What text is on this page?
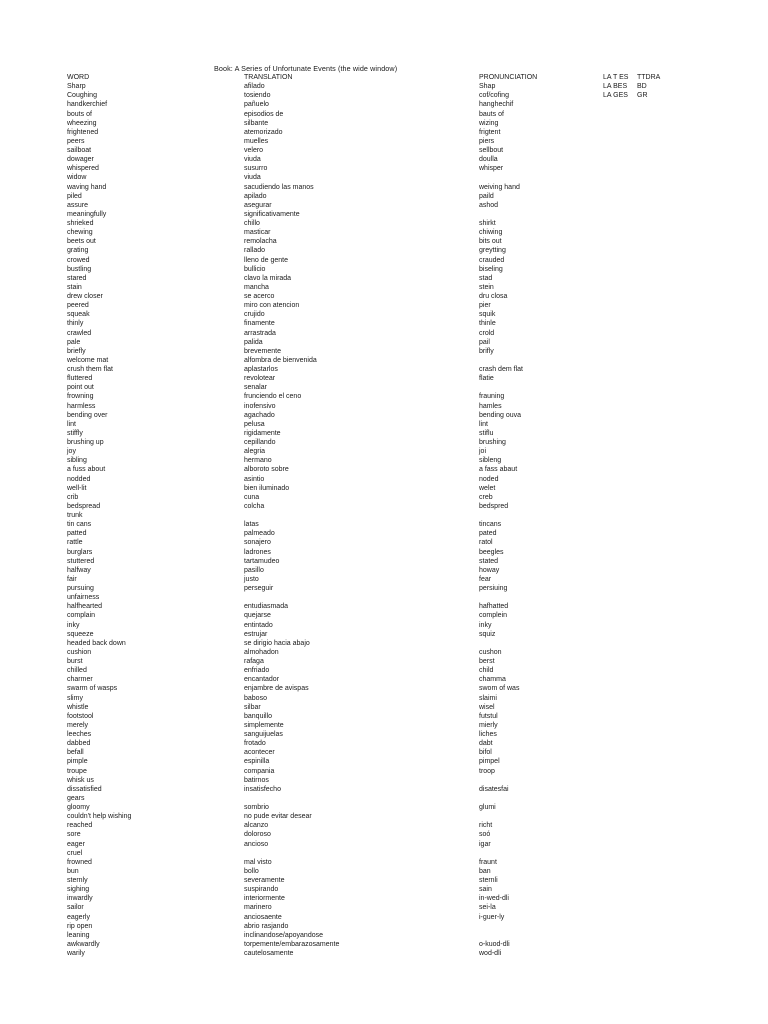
Book: A Series of Unfortunate Events (the wide window)
WORD	TRANSLATION	PRONUNCIATION	LA T ES TTDRA
Sharp	afilado	Shap	LA BES BD
Coughing	tosiendo	cof/cofing	LA GES GR
handkerchief	pañuelo	hanghechif
bouts of	episodios de	bauts of
wheezing	silbante	wizing
frightened	atemorizado	frigtent
peers	muelles	piers
sailboat	velero	sellbout
dowager	viuda	doulla
whispered	susurro	whisper
widow	viuda
waving hand	sacudiendo las manos	weiving hand
piled	apilado	paild
assure	asegurar	ashod
meaningfully	significativamente
shrieked	chillo	shirkt
chewing	masticar	chiwing
beets out	remolacha	bits out
grating	rallado	greytting
crowed	lleno de gente	crauded
bustling	bullicio	biseling
stared	clavo la mirada	stad
stain	mancha	stein
drew closer	se acerco	dru closa
peered	miro con atencion	pier
squeak	crujido	squik
thinly	finamente	thinle
crawled	arrastrada	crold
pale	palida	pail
briefly	brevemente	brifly
welcome mat	alfombra de bienvenida
crush them flat	aplastarlos	crash dem flat
fluttered	revolotear	flatie
point out	senalar
frowning	frunciendo el ceno	frauning
harmless	inofensivo	hamles
bending over	agachado	bending ouva
lint	pelusa	lint
stiffly	rigidamente	stiflu
brushing up	cepillando	brushing
joy	alegria	joi
sibling	hermano	sibleng
a fuss about	alboroto sobre	a fass abaut
nodded	asintio	noded
well-lit	bien iluminado	welet
crib	cuna	creb
bedspread	colcha	bedspred
trunk
tin cans	latas	tincans
patted	palmeado	pated
rattle	sonajero	ratol
burglars	ladrones	beegles
stuttered	tartamudeo	stated
halfway	pasillo	howay
fair	justo	fear
pursuing	perseguir	persiuing
unfairness
halfhearted	entudiasmada	hafhatted
complain	quejarse	complein
inky	entintado	inky
squeeze	estrujar	squiz
headed back down	se dirigio hacia abajo
cushion	almohadon	cushon
burst	rafaga	berst
chilled	enfriado	child
charmer	encantador	chamma
swarm of wasps	enjambre de avispas	swom of was
slimy	baboso	slaimi
whistle	silbar	wisel
footstool	banquillo	futstul
merely	simplemente	mierly
leeches	sanguijuelas	liches
dabbed	frotado	dabt
befall	acontecer	bifol
pimple	espinilla	pimpel
troupe	compania	troop
whisk us	batirnos
dissatisfied	insatisfecho	disatesfai
gears
gloomy	sombrio	glumi
couldn't help wishing	no pude evitar desear
reached	alcanzo	richt
sore	doloroso	soó
eager	ancioso	igar
cruel
frowned	mal visto	fraunt
bun	bollo	ban
sternly	severamente	sternli
sighing	suspirando	sain
inwardly	interiormente	in-wed-dli
sailor	marinero	sei-la
eagerly	anciosaente	i-guer-ly
rip open	abrio rasjando
leaning	inclinandose/apoyandose
awkwardly	torpemente/embarazosamente	o-kuod-dli
warily	cautelosamente	wod-dli
